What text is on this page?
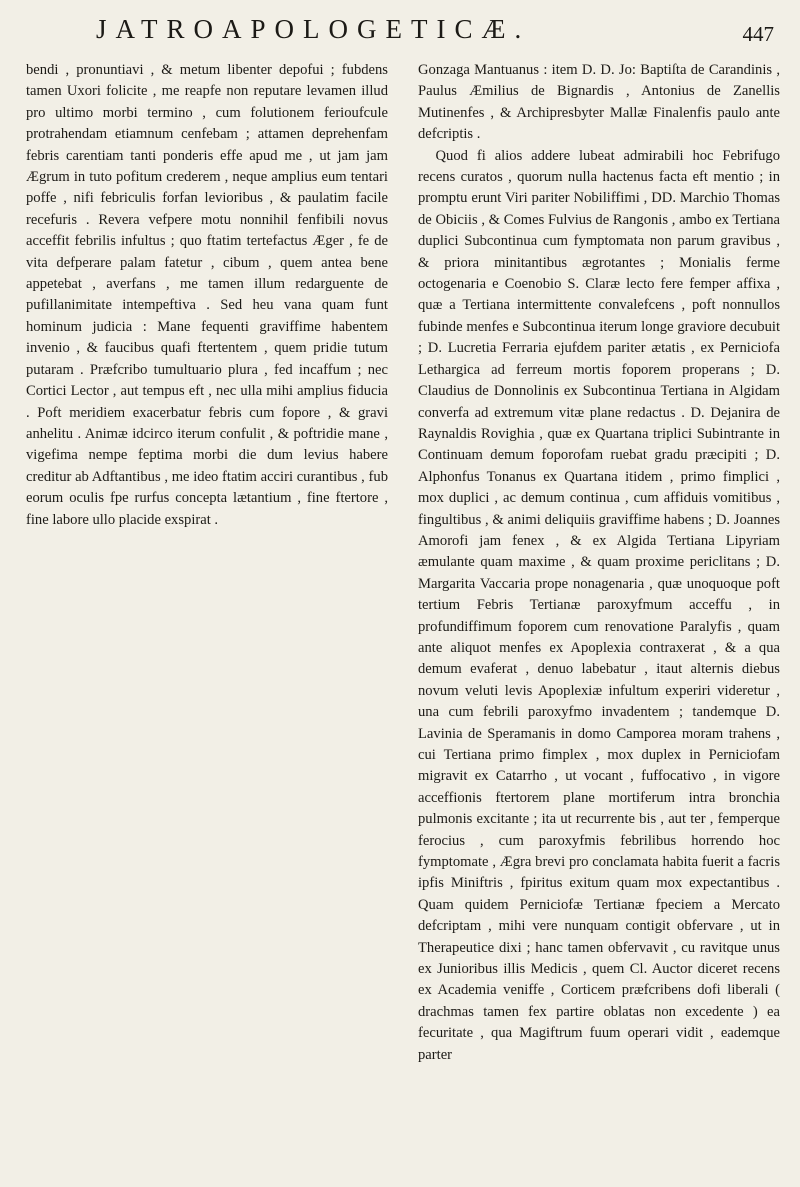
JATROAPOLOGETICÆ.	447

bendi , pronuntiavi , & metum libenter depofui ; fubdens tamen Uxori folicite , me reapfe non reputare levamen illud pro ultimo morbi termino , cum folutionem ferioufcule protrahendam etiamnum cenfebam ; attamen deprehenfam febris carentiam tanti ponderis effe apud me , ut jam jam Ægrum in tuto pofitum crederem , neque amplius eum tentari poffe , nifi febriculis forfan levioribus , & paulatim facile recefuris . Revera vefpere motu nonnihil fenfibili novus acceffit febrilis infultus ; quo ftatim tertefactus Æger , fe de vita defperare palam fatetur , cibum , quem antea bene appetebat , averfans , me tamen illum redarguente de pufillanimitate intempeftiva . Sed heu vana quam funt hominum judicia : Mane fequenti graviffime habentem invenio , & faucibus quafi ftertentem , quem pridie tutum putaram . Præfcribo tumultuario plura , fed incaffum ; nec Cortici Lector , aut tempus eft , nec ulla mihi amplius fiducia . Poft meridiem exacerbatur febris cum fopore , & gravi anhelitu . Animæ idcirco iterum confulit , & poftridie mane , vigefima nempe feptima morbi die dum levius habere creditur ab Adftantibus , me ideo ftatim acciri curantibus , fub eorum oculis fpe rurfus concepta lætantium , fine ftertore , fine labore ullo placide exspirat .

Gonzaga Mantuanus : item D. D. Jo: Baptiſta de Carandinis , Paulus Æmilius de Bignardis , Antonius de Zanellis Mutinenfes , & Archipresbyter Mallæ Finalenfis paulo ante defcriptis .

Quod fi alios addere lubeat admirabili hoc Febrifugo recens curatos , quorum nulla hactenus facta eft mentio ; in promptu erunt Viri pariter Nobiliffimi , DD. Marchio Thomas de Obiciis , & Comes Fulvius de Rangonis , ambo ex Tertiana duplici Subcontinua cum fymptomata non parum gravibus , & priora minitantibus ægrotantes ; Monialis ferme octogenaria e Coenobio S. Claræ lecto fere femper affixa , quæ a Tertiana intermittente convalefcens , poft nonnullos fubinde menfes e Subcontinua iterum longe graviore decubuit ; D. Lucretia Ferraria ejufdem pariter ætatis , ex Perniciofa Lethargica ad ferreum mortis foporem properans ; D. Claudius de Donnolinis ex Subcontinua Tertiana in Algidam converfa ad extremum vitæ plane redactus . D. Dejanira de Raynaldis Rovighia , quæ ex Quartana triplici Subintrante in Continuam demum foporofam ruebat gradu præcipiti ; D. Alphonfus Tonanus ex Quartana itidem , primo fimplici , mox duplici , ac demum continua , cum affiduis vomitibus , fingultibus , & animi deliquiis graviffime habens ; D. Joannes Amorofi jam fenex , & ex Algida Tertiana Lipyriam æmulante quam maxime , & quam proxime periclitans ; D. Margarita Vaccaria prope nonagenaria , quæ unoquoque poft tertium Febris Tertianæ paroxyfmum acceffu , in profundiffimum foporem cum renovatione Paralyfis , quam ante aliquot menfes ex Apoplexia contraxerat , & a qua demum evaferat , denuo labebatur , itaut alternis diebus novum veluti levis Apoplexiæ infultum experiri videretur , una cum febrili paroxyfmo invadentem ; tandemque D. Lavinia de Speramanis in domo Camporea moram trahens , cui Tertiana primo fimplex , mox duplex in Perniciofam migravit ex Catarrho , ut vocant , fuffocativo , in vigore acceffionis ftertorem plane mortiferum intra bronchia pulmonis excitante ; ita ut recurrente bis , aut ter , femperque ferocius , cum paroxyfmis febrilibus horrendo hoc fymptomate , Ægra brevi pro conclamata habita fuerit a facris ipfis Miniftris , fpiritus exitum quam mox expectantibus . Quam quidem Perniciofæ Tertianæ fpeciem a Mercato defcriptam , mihi vere nunquam contigit obfervare , ut in Therapeutice dixi ; hanc tamen obfervavit , cu ravitque unus ex Junioribus illis Medicis , quem Cl. Auctor diceret recens ex Academia veniffe , Corticem præfcribens dofi liberali ( drachmas tamen fex partire oblatas non excedente ) ea fecuritate , qua Magiftrum fuum operari vidit , eademque parter
